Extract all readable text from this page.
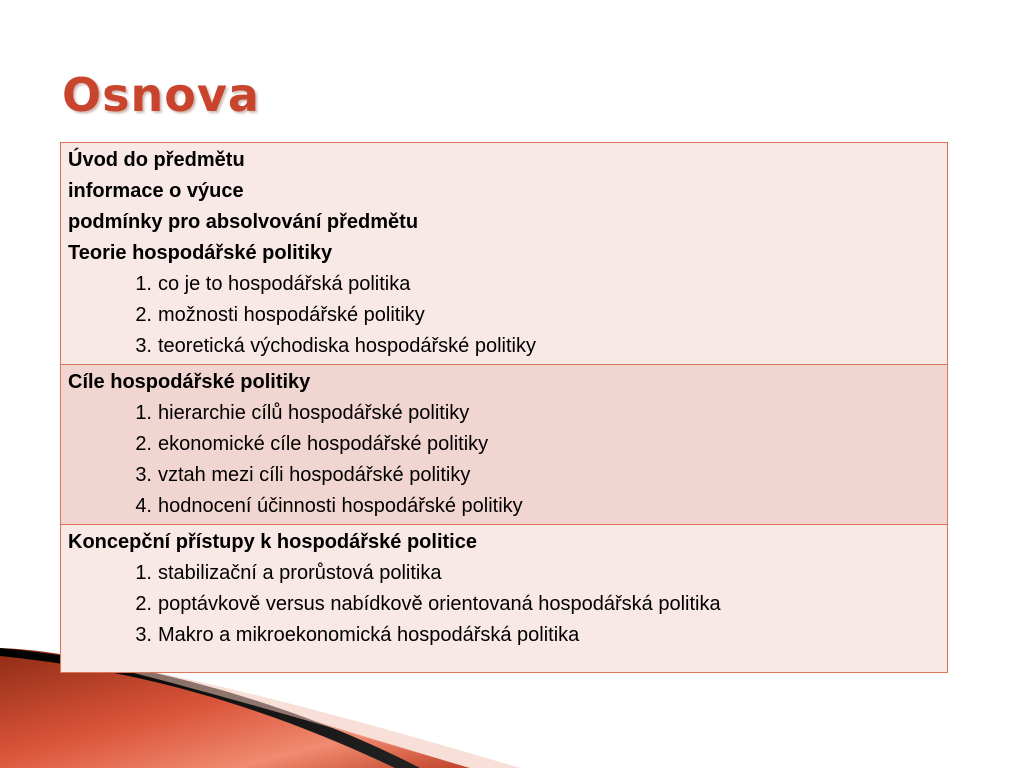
Osnova
Úvod do předmětu
informace o výuce
podmínky pro absolvování předmětu
Teorie hospodářské politiky
1. co je to hospodářská politika
2. možnosti hospodářské politiky
3. teoretická východiska hospodářské politiky

Cíle hospodářské politiky
1. hierarchie cílů hospodářské politiky
2. ekonomické cíle hospodářské politiky
3. vztah mezi cíli hospodářské politiky
4. hodnocení účinnosti hospodářské politiky

Koncepční přístupy k hospodářské politice
1. stabilizační a prorůstová politika
2. poptávkově versus nabídkově orientovaná hospodářská politika
3. Makro a mikroekonomická hospodářská politika
